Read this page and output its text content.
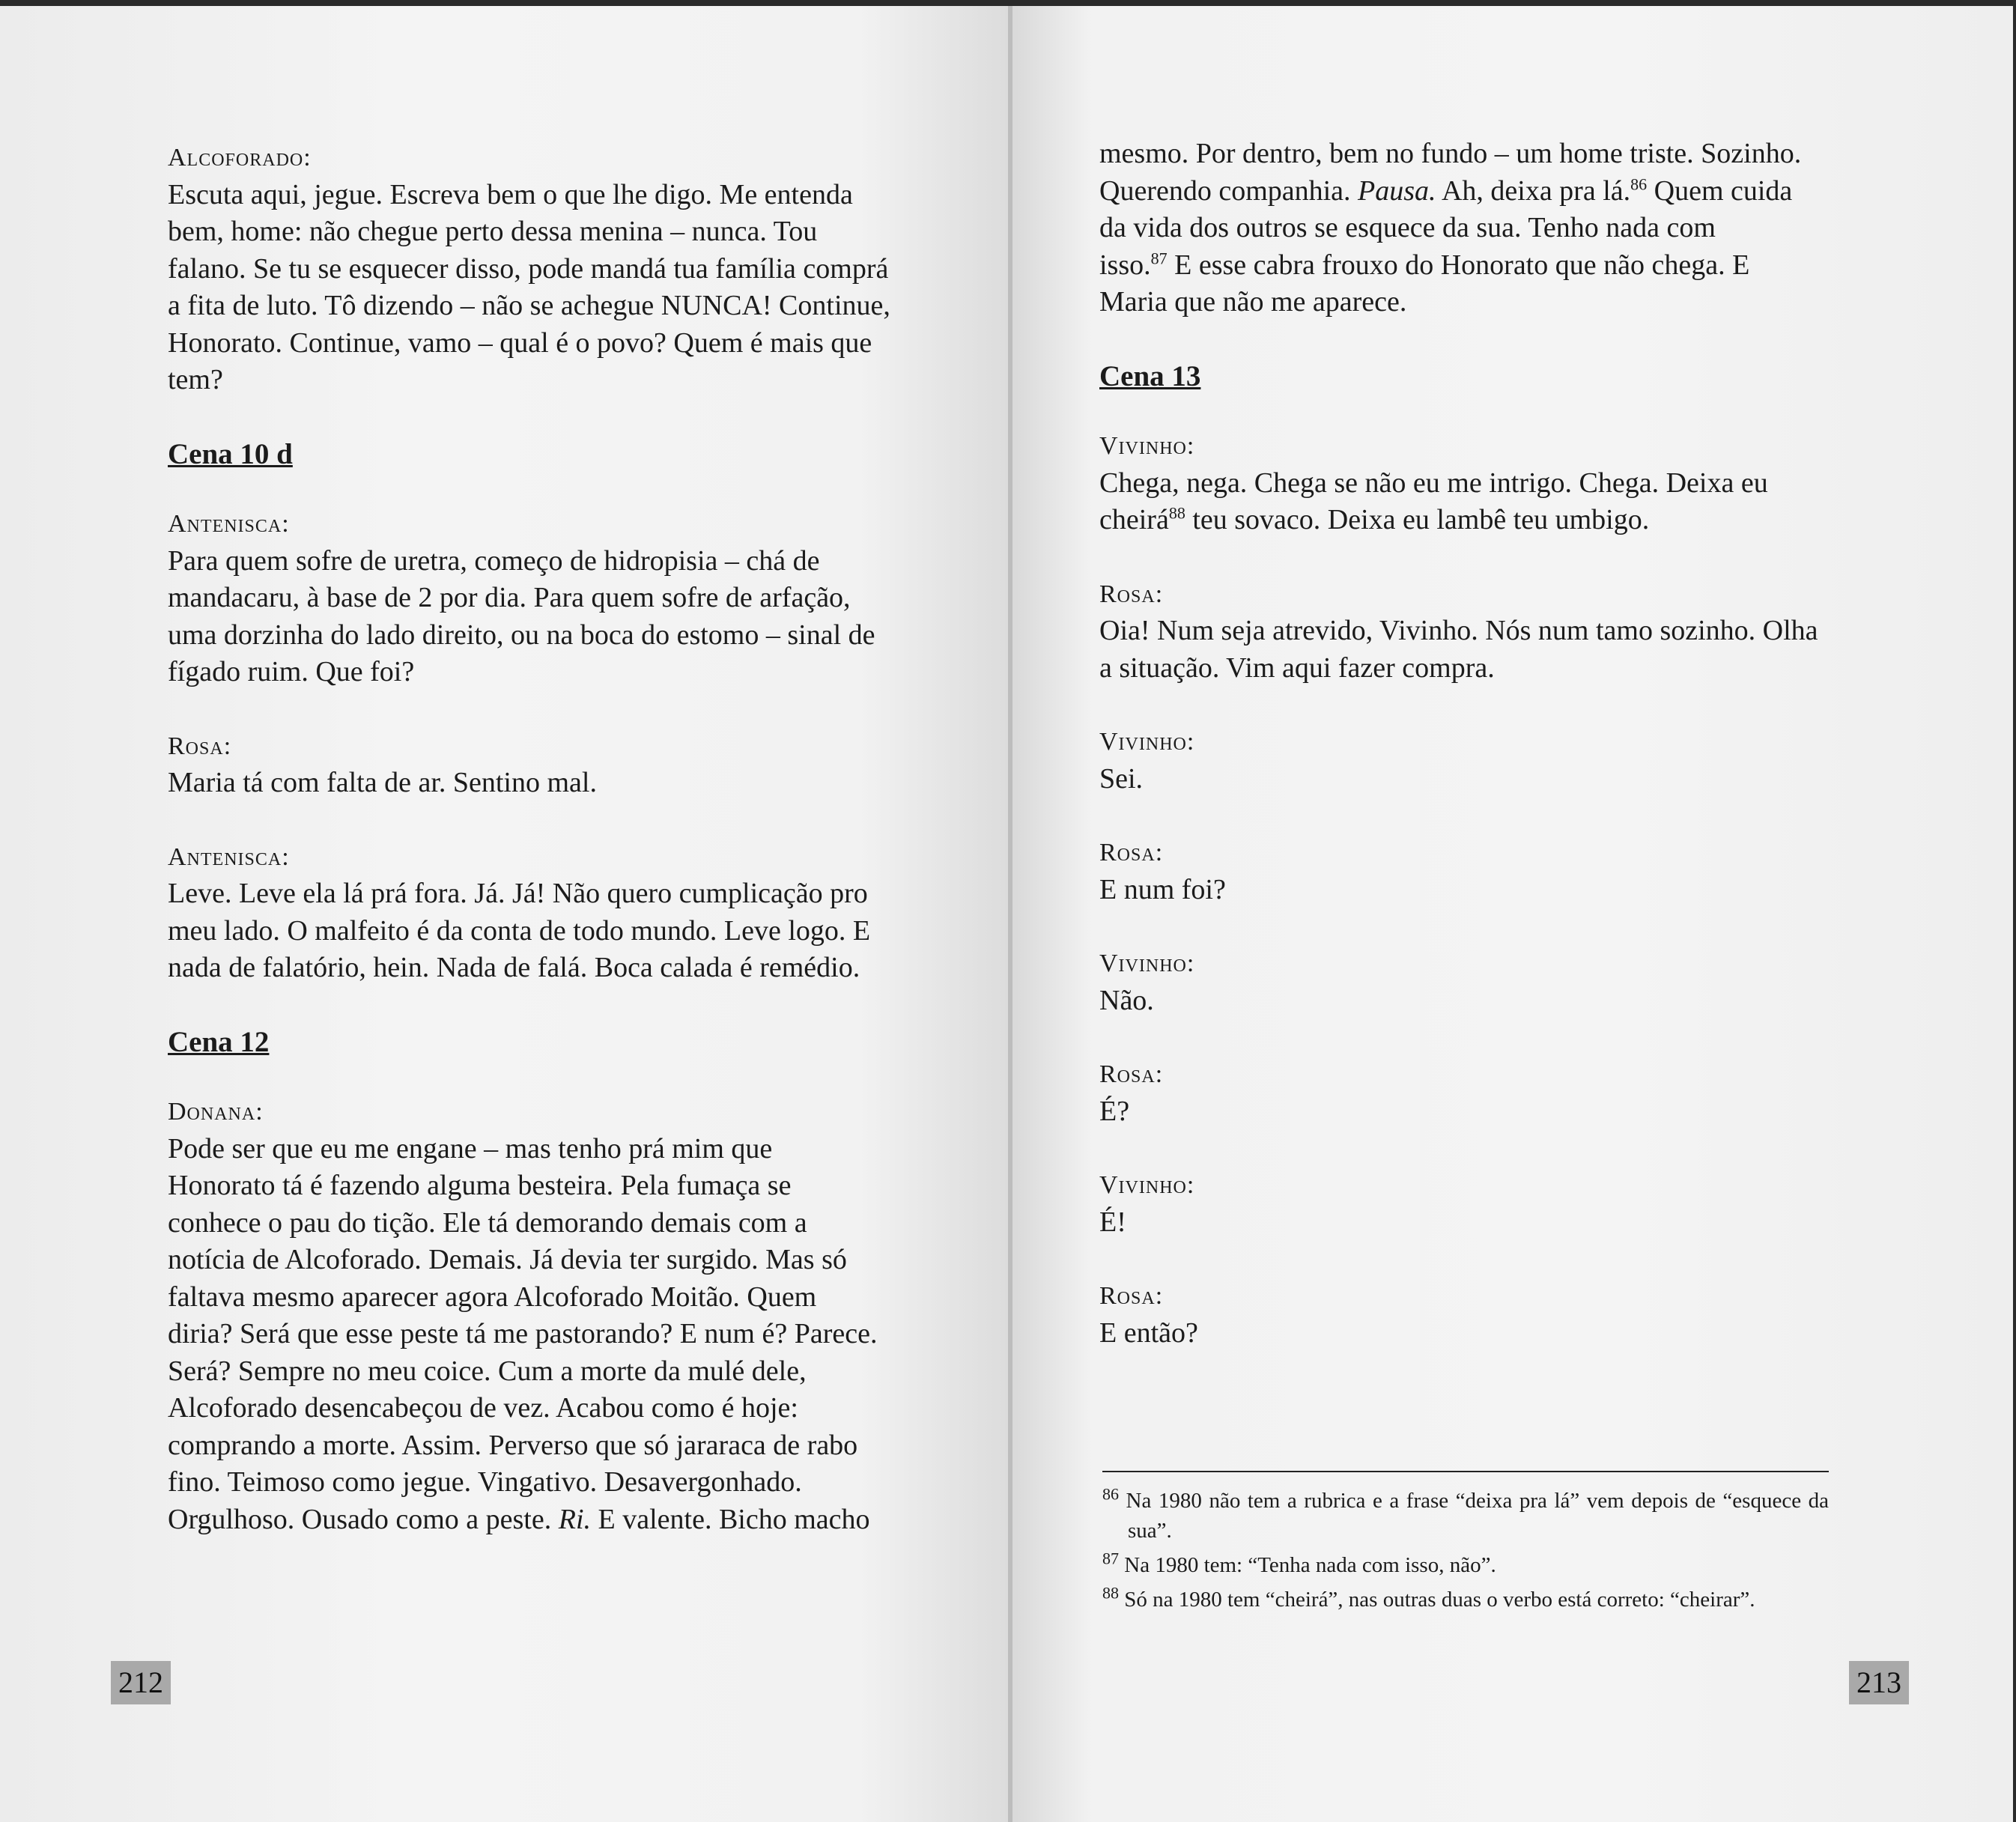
Alcoforado:
Escuta aqui, jegue. Escreva bem o que lhe digo. Me entenda
bem, home: não chegue perto dessa menina – nunca. Tou
falano. Se tu se esquecer disso, pode mandá tua família comprá
a fita de luto. Tô dizendo – não se achegue NUNCA! Continue,
Honorato. Continue, vamo – qual é o povo? Quem é mais que
tem?
Cena 10 d
Antenisca:
Para quem sofre de uretra, começo de hidropisia – chá de
mandacaru, à base de 2 por dia. Para quem sofre de arfação,
uma dorzinha do lado direito, ou na boca do estomo – sinal de
fígado ruim. Que foi?
Rosa:
Maria tá com falta de ar. Sentino mal.
Antenisca:
Leve. Leve ela lá prá fora. Já. Já! Não quero cumplicação pro
meu lado. O malfeito é da conta de todo mundo. Leve logo. E
nada de falatório, hein. Nada de falá. Boca calada é remédio.
Cena 12
Donana:
Pode ser que eu me engane – mas tenho prá mim que
Honorato tá é fazendo alguma besteira. Pela fumaça se
conhece o pau do tição. Ele tá demorando demais com a
notícia de Alcoforado. Demais. Já devia ter surgido. Mas só
faltava mesmo aparecer agora Alcoforado Moitão. Quem
diria? Será que esse peste tá me pastorando? E num é? Parece.
Será? Sempre no meu coice. Cum a morte da mulé dele,
Alcoforado desencabeçou de vez. Acabou como é hoje:
comprando a morte. Assim. Perverso que só jararaca de rabo
fino. Teimoso como jegue. Vingativo. Desavergonhado.
Orgulhoso. Ousado como a peste. Ri. E valente. Bicho macho
212
mesmo. Por dentro, bem no fundo – um home triste. Sozinho.
Querendo companhia. Pausa. Ah, deixa pra lá.$^{86}$ Quem cuida
da vida dos outros se esquece da sua. Tenho nada com
isso.$^{87}$ E esse cabra frouxo do Honorato que não chega. E
Maria que não me aparece.
Cena 13
Vivinho:
Chega, nega. Chega se não eu me intrigo. Chega. Deixa eu
cheirá$^{88}$ teu sovaco. Deixa eu lambê teu umbigo.
Rosa:
Oia! Num seja atrevido, Vivinho. Nós num tamo sozinho. Olha
a situação. Vim aqui fazer compra.
Vivinho:
Sei.
Rosa:
E num foi?
Vivinho:
Não.
Rosa:
É?
Vivinho:
É!
Rosa:
E então?
$^{86}$ Na 1980 não tem a rubrica e a frase “deixa pra lá” vem depois de “esquece da sua”.
$^{87}$ Na 1980 tem: “Tenha nada com isso, não”.
$^{88}$ Só na 1980 tem “cheirá”, nas outras duas o verbo está correto: “cheirar”.
213
